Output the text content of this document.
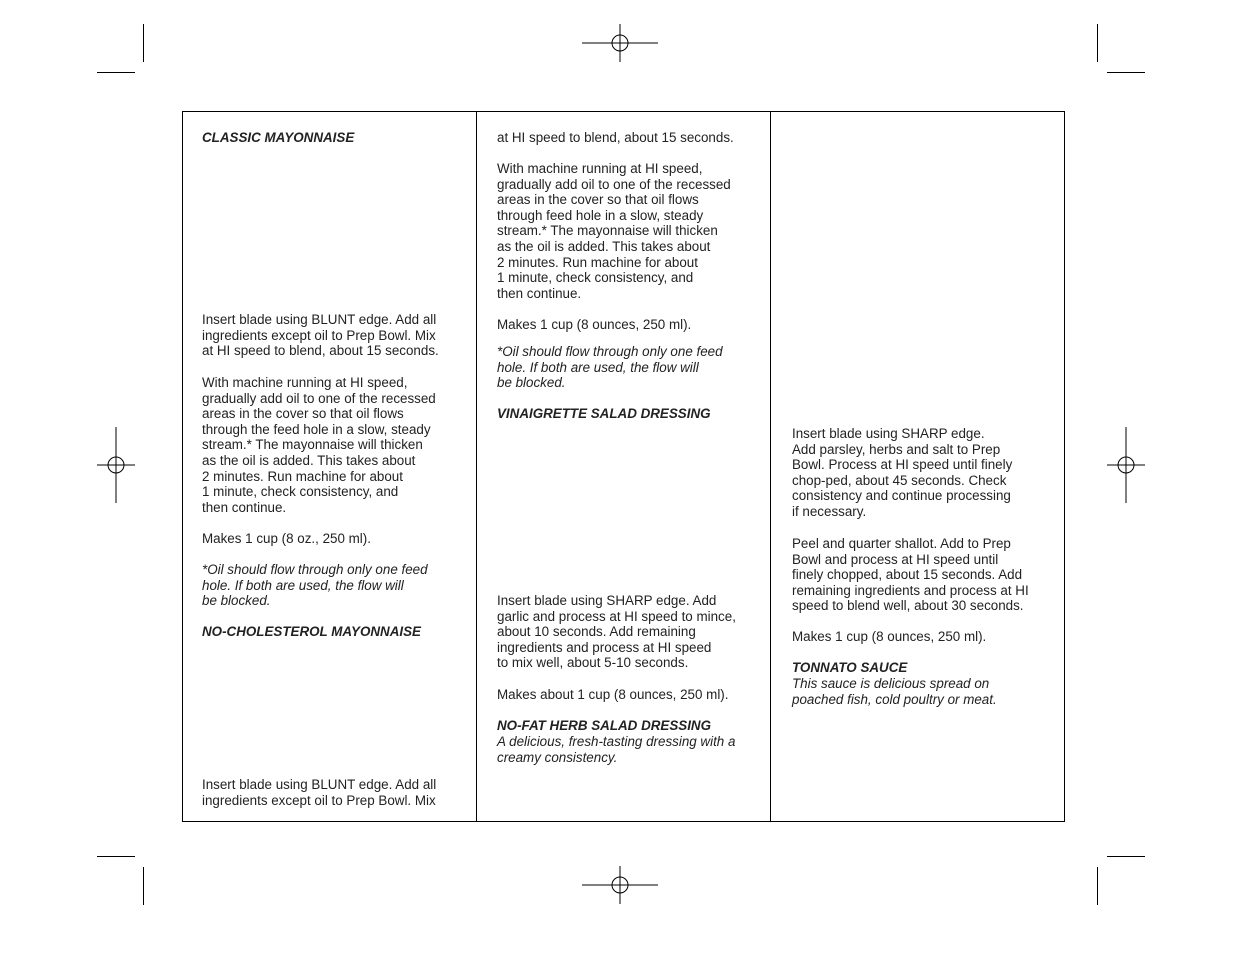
CLASSIC MAYONNAISE

Insert blade using BLUNT edge. Add all
ingredients except oil to Prep Bowl. Mix
at HI speed to blend, about 15 seconds.

With machine running at HI speed,
gradually add oil to one of the recessed
areas in the cover so that oil flows
through the feed hole in a slow, steady
stream.* The mayonnaise will thicken
as the oil is added. This takes about
2 minutes. Run machine for about
1 minute, check consistency, and
then continue.

Makes 1 cup (8 oz., 250 ml).

*Oil should flow through only one feed
hole. If both are used, the flow will
be blocked.

NO-CHOLESTEROL MAYONNAISE

Insert blade using BLUNT edge. Add all
ingredients except oil to Prep Bowl. Mix

at HI speed to blend, about 15 seconds.

With machine running at HI speed,
gradually add oil to one of the recessed
areas in the cover so that oil flows
through feed hole in a slow, steady
stream.* The mayonnaise will thicken
as the oil is added. This takes about
2 minutes. Run machine for about
1 minute, check consistency, and
then continue.

Makes 1 cup (8 ounces, 250 ml).

*Oil should flow through only one feed
hole. If both are used, the flow will
be blocked.

VINAIGRETTE SALAD DRESSING

Insert blade using SHARP edge. Add
garlic and process at HI speed to mince,
about 10 seconds. Add remaining
ingredients and process at HI speed
to mix well, about 5-10 seconds.

Makes about 1 cup (8 ounces, 250 ml).

NO-FAT HERB SALAD DRESSING

A delicious, fresh-tasting dressing with a
creamy consistency.

Insert blade using SHARP edge.
Add parsley, herbs and salt to Prep
Bowl. Process at HI speed until finely
chop-ped, about 45 seconds. Check
consistency and continue processing
if necessary.

Peel and quarter shallot. Add to Prep
Bowl and process at HI speed until
finely chopped, about 15 seconds. Add
remaining ingredients and process at HI
speed to blend well, about 30 seconds.

Makes 1 cup (8 ounces, 250 ml).

TONNATO SAUCE

This sauce is delicious spread on
poached fish, cold poultry or meat.
